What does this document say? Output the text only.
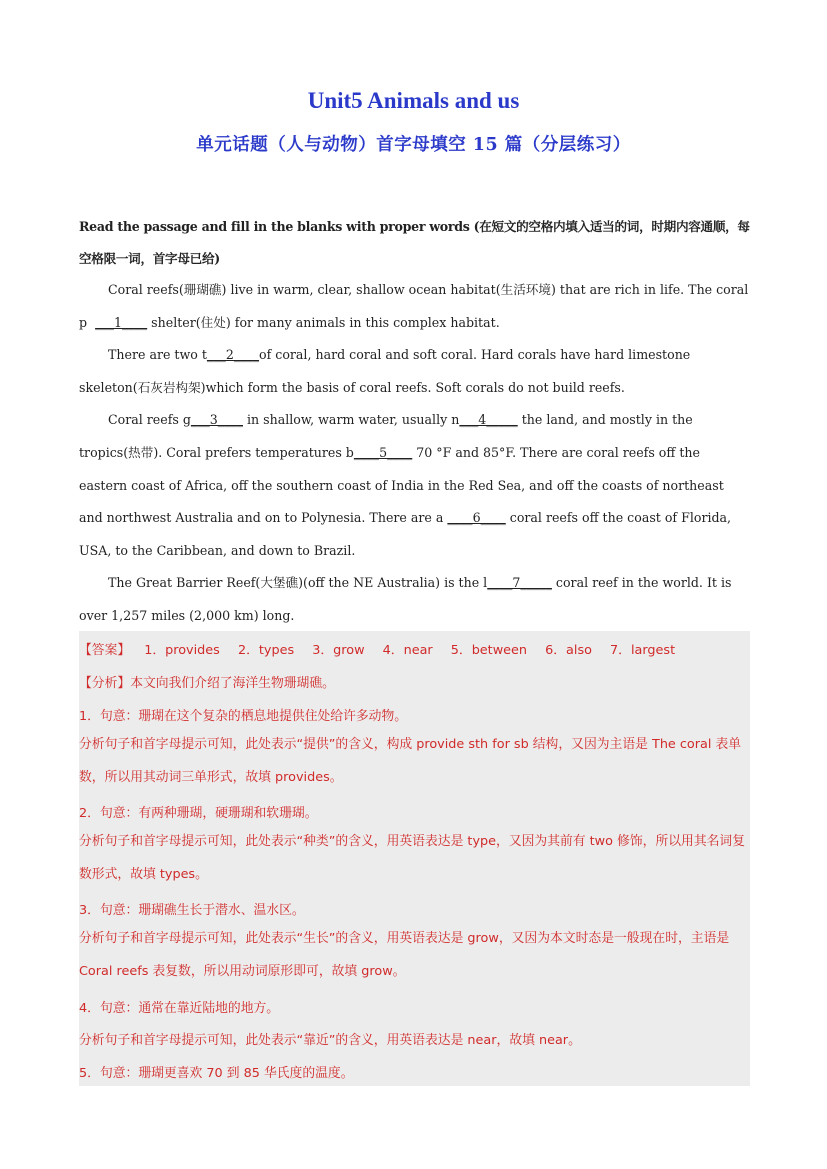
Unit5 Animals and us
单元话题（人与动物）首字母填空 15 篇（分层练习）
Read the passage and fill in the blanks with proper words (在短文的空格内填入适当的词，时期内容通顺，每空格限一词，首字母已给)

Coral reefs(珊瑚礁) live in warm, clear, shallow ocean habitat(生活环境) that are rich in life. The coral p ___1____ shelter(住处) for many animals in this complex habitat.

There are two t___2____of coral, hard coral and soft coral. Hard corals have hard limestone skeleton(石灰岩构架)which form the basis of coral reefs. Soft corals do not build reefs.

Coral reefs g___3____ in shallow, warm water, usually n___4_____ the land, and mostly in the tropics(热带). Coral prefers temperatures b____5____ 70 °F and 85°F. There are coral reefs off the eastern coast of Africa, off the southern coast of India in the Red Sea, and off the coasts of northeast and northwest Australia and on to Polynesia. There are a ____6____ coral reefs off the coast of Florida, USA, to the Caribbean, and down to Brazil.

The Great Barrier Reef(大堡礁)(off the NE Australia) is the l____7_____ coral reef in the world. It is over 1,257 miles (2,000 km) long.

【答案】 1．provides 2．types 3．grow 4．near 5．between 6．also 7．largest
【分析】本文向我们介绍了海洋生物珊瑚礁。
1．句意：珊瑚在这个复杂的栖息地提供住处给许多动物。
分析句子和首字母提示可知，此处表示“提供”的含义，构成 provide sth for sb 结构，又因为主语是 The coral 表单数，所以用其动词三单形式，故填 provides。
2．句意：有两种珊瑚，硬珊瑚和软珊瑚。
分析句子和首字母提示可知，此处表示“种类”的含义，用英语表达是 type，又因为其前有 two 修饰，所以用其名词复数形式，故填 types。
3．句意：珊瑚礁生长于潜水、温水区。
分析句子和首字母提示可知，此处表示“生长”的含义，用英语表达是 grow，又因为本文时态是一般现在时，主语是 Coral reefs 表复数，所以用动词原形即可，故填 grow。
4．句意：通常在靠近陆地的地方。
分析句子和首字母提示可知，此处表示“靠近”的含义，用英语表达是 near，故填 near。
5．句意：珊瑚更喜欢 70 到 85 华氏度的温度。
